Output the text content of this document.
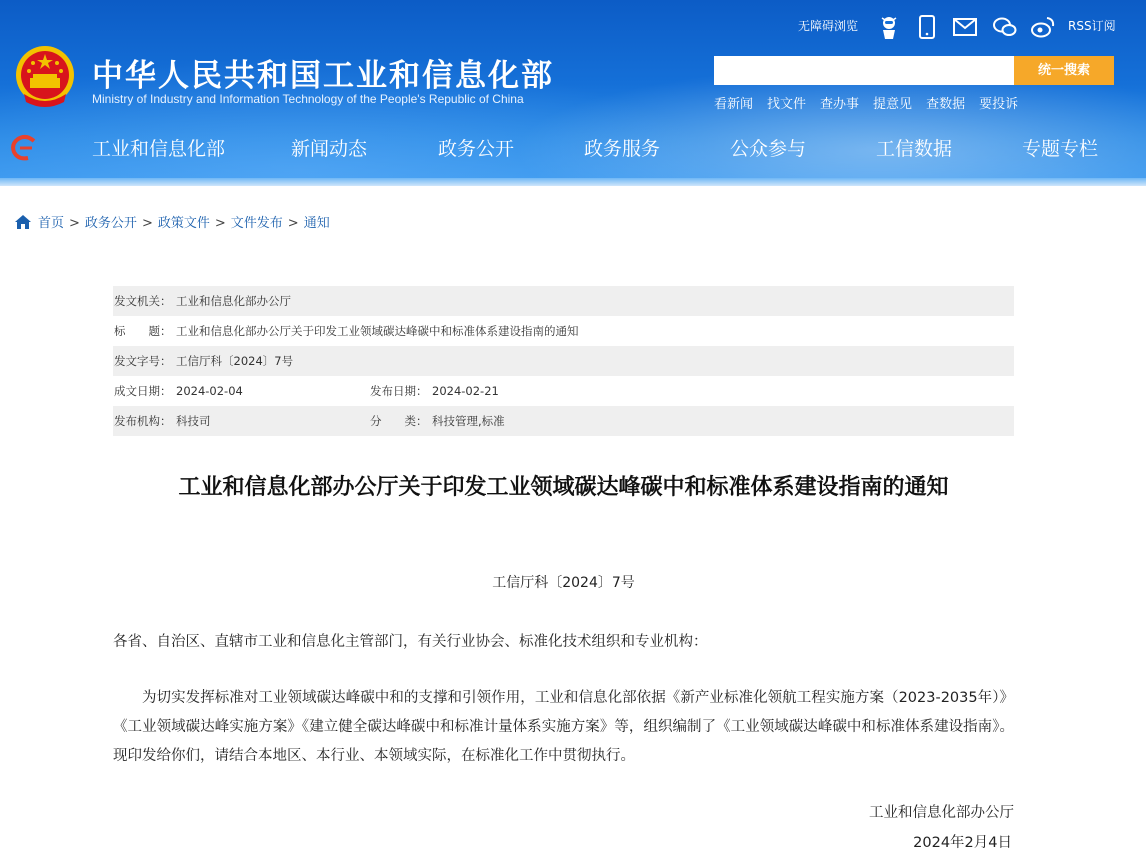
中华人民共和国工业和信息化部
Ministry of Industry and Information Technology of the People's Republic of China
无障碍浏览	RSS订阅
统一搜索
看新闻 找文件 查办事 提意见 查数据 要投诉
工业和信息化部	新闻动态	政务公开	政务服务	公众参与	工信数据	专题专栏
首页 > 政务公开 > 政策文件 > 文件发布 > 通知
发文机关： 工业和信息化部办公厅
标　　题： 工业和信息化部办公厅关于印发工业领域碳达峰碳中和标准体系建设指南的通知
发文字号： 工信厅科〔2024〕7号
成文日期： 2024-02-04	发布日期： 2024-02-21
发布机构： 科技司	分　　类： 科技管理,标准
工业和信息化部办公厅关于印发工业领域碳达峰碳中和标准体系建设指南的通知
工信厅科〔2024〕7号

各省、自治区、直辖市工业和信息化主管部门，有关行业协会、标准化技术组织和专业机构：

为切实发挥标准对工业领域碳达峰碳中和的支撑和引领作用，工业和信息化部依据《新产业标准化领航工程实施方案（2023-2035年）》《工业领域碳达峰实施方案》《建立健全碳达峰碳中和标准计量体系实施方案》等，组织编制了《工业领域碳达峰碳中和标准体系建设指南》。现印发给你们，请结合本地区、本行业、本领域实际，在标准化工作中贯彻执行。

工业和信息化部办公厅
2024年2月4日
